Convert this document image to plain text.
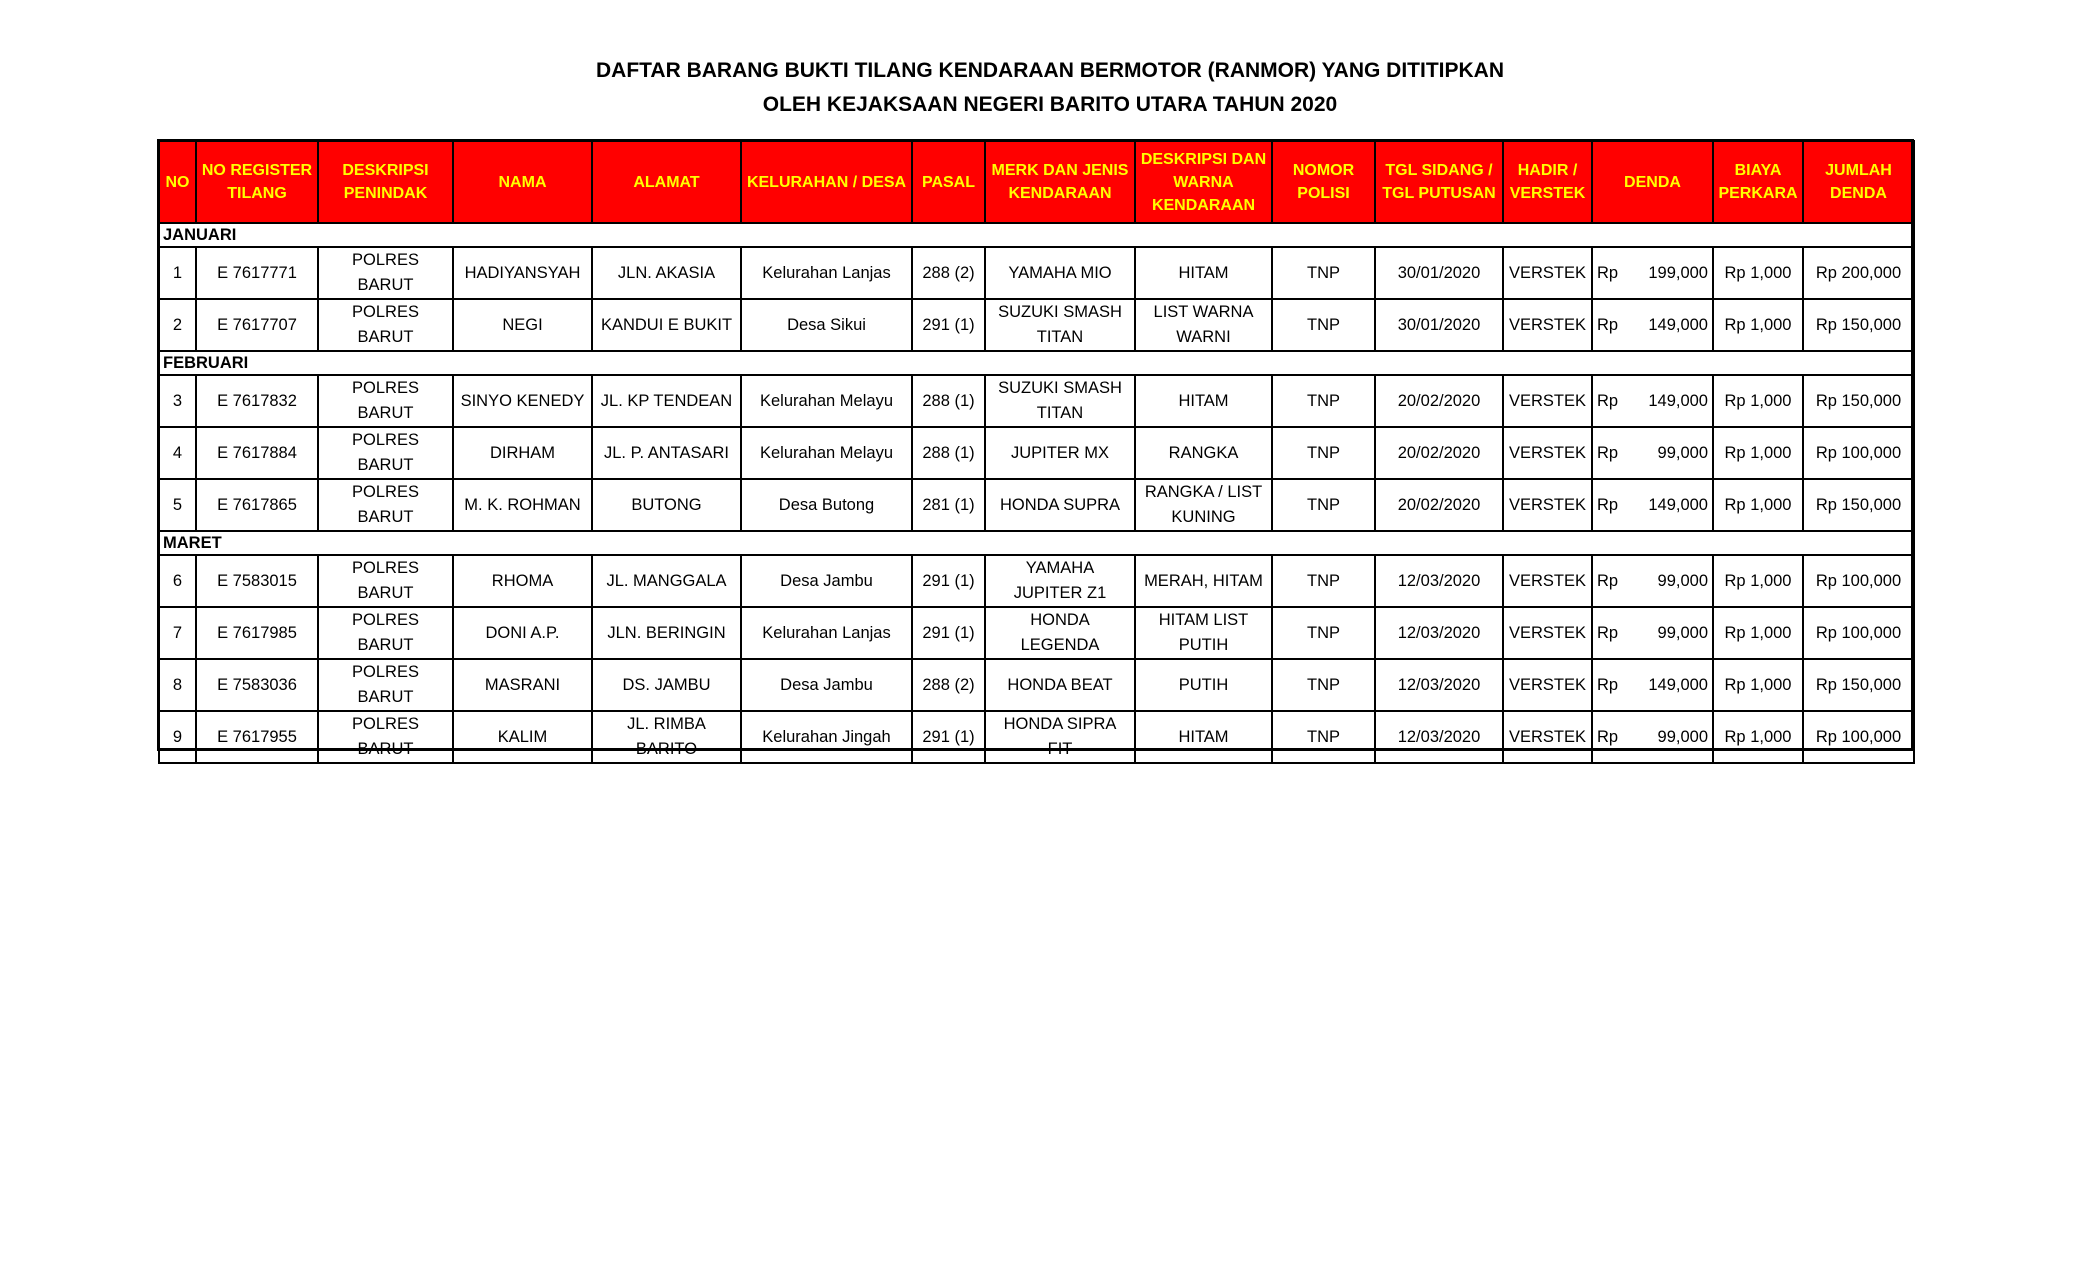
DAFTAR BARANG BUKTI TILANG KENDARAAN BERMOTOR (RANMOR) YANG DITITIPKAN
OLEH KEJAKSAAN NEGERI BARITO UTARA TAHUN 2020
NO	NO REGISTER TILANG	DESKRIPSI PENINDAK	NAMA	ALAMAT	KELURAHAN / DESA	PASAL	MERK DAN JENIS KENDARAAN	DESKRIPSI DAN WARNA KENDARAAN	NOMOR POLISI	TGL SIDANG / TGL PUTUSAN	HADIR / VERSTEK	DENDA	BIAYA PERKARA	JUMLAH DENDA
JANUARI														
1	E 7617771	POLRES BARUT	HADIYANSYAH	JLN. AKASIA	Kelurahan Lanjas	288 (2)	YAMAHA MIO	HITAM	TNP	30/01/2020	VERSTEK	Rp 199,000	Rp 1,000	Rp 200,000
2	E 7617707	POLRES BARUT	NEGI	KANDUI E BUKIT	Desa Sikui	291 (1)	SUZUKI SMASH TITAN	LIST WARNA WARNI	TNP	30/01/2020	VERSTEK	Rp 149,000	Rp 1,000	Rp 150,000
FEBRUARI														
3	E 7617832	POLRES BARUT	SINYO KENEDY	JL. KP TENDEAN	Kelurahan Melayu	288 (1)	SUZUKI SMASH TITAN	HITAM	TNP	20/02/2020	VERSTEK	Rp 149,000	Rp 1,000	Rp 150,000
4	E 7617884	POLRES BARUT	DIRHAM	JL. P. ANTASARI	Kelurahan Melayu	288 (1)	JUPITER MX	RANGKA	TNP	20/02/2020	VERSTEK	Rp 99,000	Rp 1,000	Rp 100,000
5	E 7617865	POLRES BARUT	M. K. ROHMAN	BUTONG	Desa Butong	281 (1)	HONDA SUPRA	RANGKA / LIST KUNING	TNP	20/02/2020	VERSTEK	Rp 149,000	Rp 1,000	Rp 150,000
MARET														
6	E 7583015	POLRES BARUT	RHOMA	JL. MANGGALA	Desa Jambu	291 (1)	YAMAHA JUPITER Z1	MERAH, HITAM	TNP	12/03/2020	VERSTEK	Rp 99,000	Rp 1,000	Rp 100,000
7	E 7617985	POLRES BARUT	DONI A.P.	JLN. BERINGIN	Kelurahan Lanjas	291 (1)	HONDA LEGENDA	HITAM LIST PUTIH	TNP	12/03/2020	VERSTEK	Rp 99,000	Rp 1,000	Rp 100,000
8	E 7583036	POLRES BARUT	MASRANI	DS. JAMBU	Desa Jambu	288 (2)	HONDA BEAT	PUTIH	TNP	12/03/2020	VERSTEK	Rp 149,000	Rp 1,000	Rp 150,000
9	E 7617955	POLRES BARUT	KALIM	JL. RIMBA BARITO	Kelurahan Jingah	291 (1)	HONDA SIPRA FIT	HITAM	TNP	12/03/2020	VERSTEK	Rp 99,000	Rp 1,000	Rp 100,000
